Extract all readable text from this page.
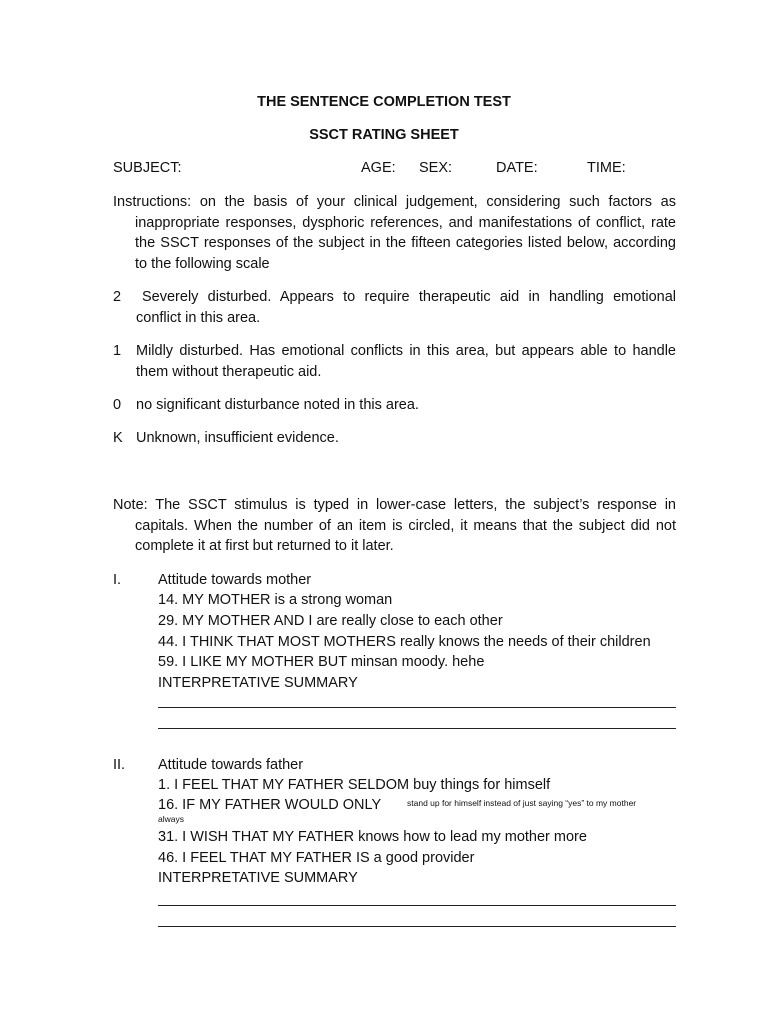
THE SENTENCE COMPLETION TEST
SSCT RATING SHEET
SUBJECT:	AGE: SEX:	DATE:	TIME:
Instructions: on the basis of your clinical judgement, considering such factors as inappropriate responses, dysphoric references, and manifestations of conflict, rate the SSCT responses of the subject in the fifteen categories listed below, according to the following scale
2	Severely disturbed. Appears to require therapeutic aid in handling emotional conflict in this area.
1 Mildly disturbed. Has emotional conflicts in this area, but appears able to handle them without therapeutic aid.
0 no significant disturbance noted in this area.
K Unknown, insufficient evidence.
Note: The SSCT stimulus is typed in lower-case letters, the subject’s response in capitals. When the number of an item is circled, it means that the subject did not complete it at first but returned to it later.
I.	Attitude towards mother
14. MY MOTHER is a strong woman
29. MY MOTHER AND I are really close to each other
44. I THINK THAT MOST MOTHERS really knows the needs of their children
59. I LIKE MY MOTHER BUT minsan moody. hehe
INTERPRETATIVE SUMMARY
II. Attitude towards father
1. I FEEL THAT MY FATHER SELDOM buy things for himself
16. IF MY FATHER WOULD ONLY	stand up for himself instead of just saying “yes” to my mother
always
31. I WISH THAT MY FATHER knows how to lead my mother more
46. I FEEL THAT MY FATHER IS a good provider
INTERPRETATIVE SUMMARY
